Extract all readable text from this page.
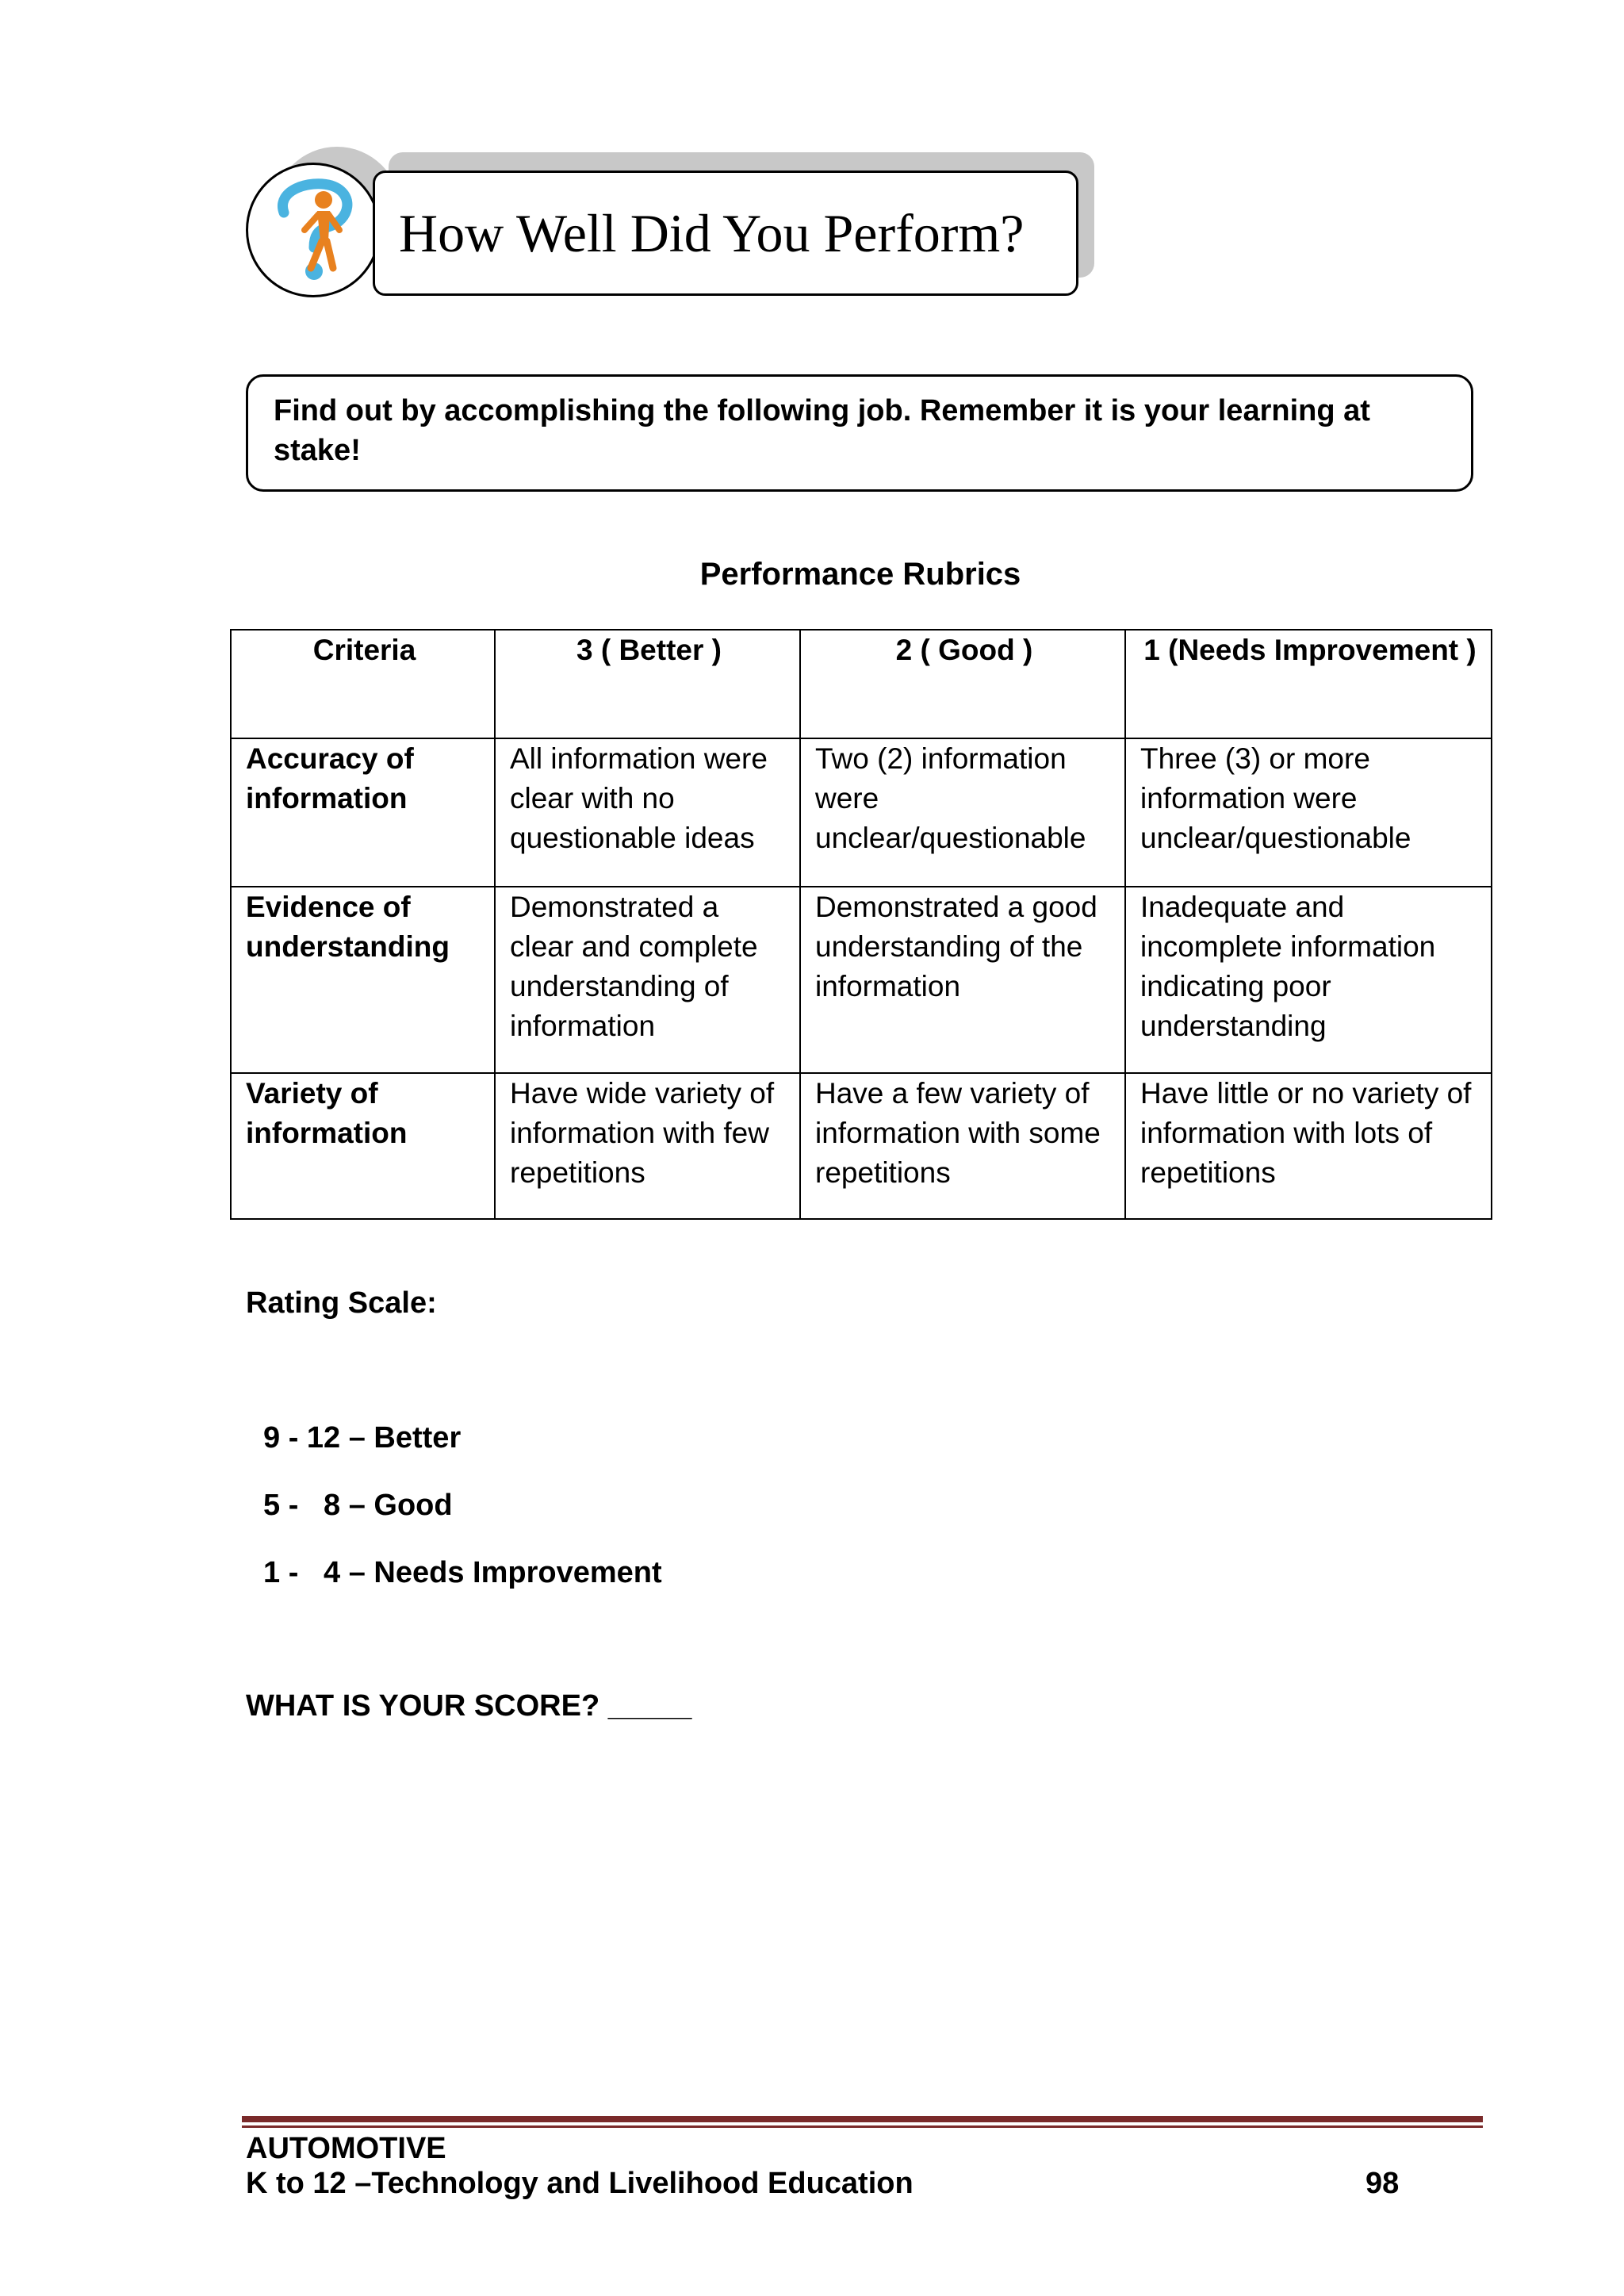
How Well Did You Perform?
Find out by accomplishing the following job. Remember it is your learning at stake!
Performance Rubrics
Criteria	3 ( Better )	2 ( Good )	1 (Needs Improvement )
Accuracy of information	All information were clear with no questionable ideas	Two (2) information were unclear/questionable	Three (3) or more information were unclear/questionable
Evidence of understanding	Demonstrated a clear and complete understanding of information	Demonstrated a good understanding of the information	Inadequate and incomplete information indicating poor understanding
Variety of information	Have wide variety of information with few repetitions	Have a few variety of information with some repetitions	Have little or no variety of information with lots of repetitions
Rating Scale:
9 - 12 – Better
5 -   8 – Good
1 -   4 – Needs Improvement
WHAT IS YOUR SCORE? _____
AUTOMOTIVE
K to 12 –Technology and Livelihood Education	98
